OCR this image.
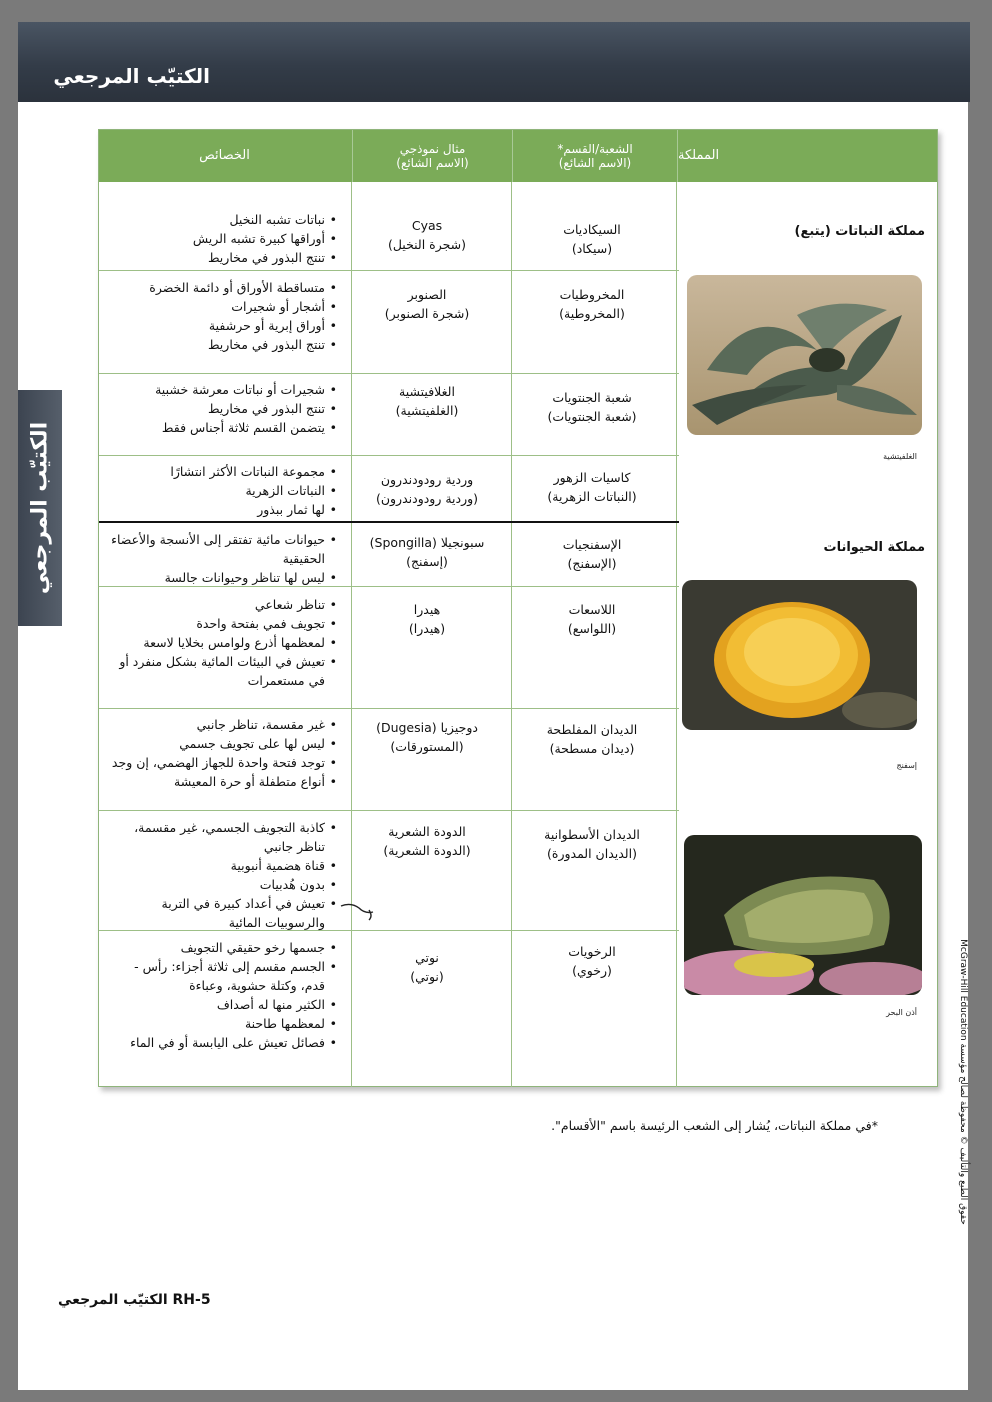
الكتيّب المرجعي
الكتيّب المرجعي
المملكة
الشعبة/القسم*
(الاسم الشائع)
مثال نموذجي
(الاسم الشائع)
الخصائص
مملكة النباتات (يتبع)
مملكة الحيوانات
الغلفيتشية
إسفنج
أذن البحر
السيكاديات
(سيكاد)
Cyas
(شجرة النخيل)
• نباتات تشبه النخيل
• أوراقها كبيرة تشبه الريش
• تنتج البذور في مخاريط
المخروطيات
(المخروطية)
الصنوبر
(شجرة الصنوبر)
• متساقطة الأوراق أو دائمة الخضرة
• أشجار أو شجيرات
• أوراق إبرية أو حرشفية
• تنتج البذور في مخاريط
شعبة الجنتويات
(شعبة الجنتويات)
الغلافيتشية
(الغلفيتشية)
• شجيرات أو نباتات معرشة خشبية
• تنتج البذور في مخاريط
• يتضمن القسم ثلاثة أجناس فقط
كاسيات الزهور
(النباتات الزهرية)
وردية رودودندرون
(وردية رودودندرون)
• مجموعة النباتات الأكثر انتشارًا
• النباتات الزهرية
• لها ثمار ببذور
الإسفنجيات
(الإسفنج)
سبونجيلا (Spongilla)
(إسفنج)
• حيوانات مائية تفتقر إلى الأنسجة والأعضاء الحقيقية
• ليس لها تناظر وحيوانات جالسة
اللاسعات
(اللواسع)
هيدرا
(هيدرا)
• تناظر شعاعي
• تجويف فمي بفتحة واحدة
• لمعظمها أذرع ولوامس بخلايا لاسعة
• تعيش في البيئات المائية بشكل منفرد أو في مستعمرات
الديدان المفلطحة
(ديدان مسطحة)
دوجيزيا (Dugesia)
(المستورقات)
• غير مقسمة، تناظر جانبي
• ليس لها على تجويف جسمي
• توجد فتحة واحدة للجهاز الهضمي، إن وجد
• أنواع متطفلة أو حرة المعيشة
الديدان الأسطوانية
(الديدان المدورة)
الدودة الشعرية
(الدودة الشعرية)
• كاذبة التجويف الجسمي، غير مقسمة، تناظر جانبي
• قناة هضمية أنبوبية
• بدون هُدبيات
• تعيش في أعداد كبيرة في التربة والرسوبيات المائية
الرخويات
(رخوي)
نوتي
(نوتي)
• جسمها رخو حقيقي التجويف
• الجسم مقسم إلى ثلاثة أجزاء: رأس - قدم، وكتلة حشوية، وعباءة
• الكثير منها له أصداف
• لمعظمها طاحنة
• فصائل تعيش على اليابسة أو في الماء
*في مملكة النباتات، يُشار إلى الشعب الرئيسة باسم "الأقسام".
RH-5 الكتيّب المرجعي
حقوق الطبع والتأليف © محفوظة لصالح مؤسسة McGraw-Hill Education
